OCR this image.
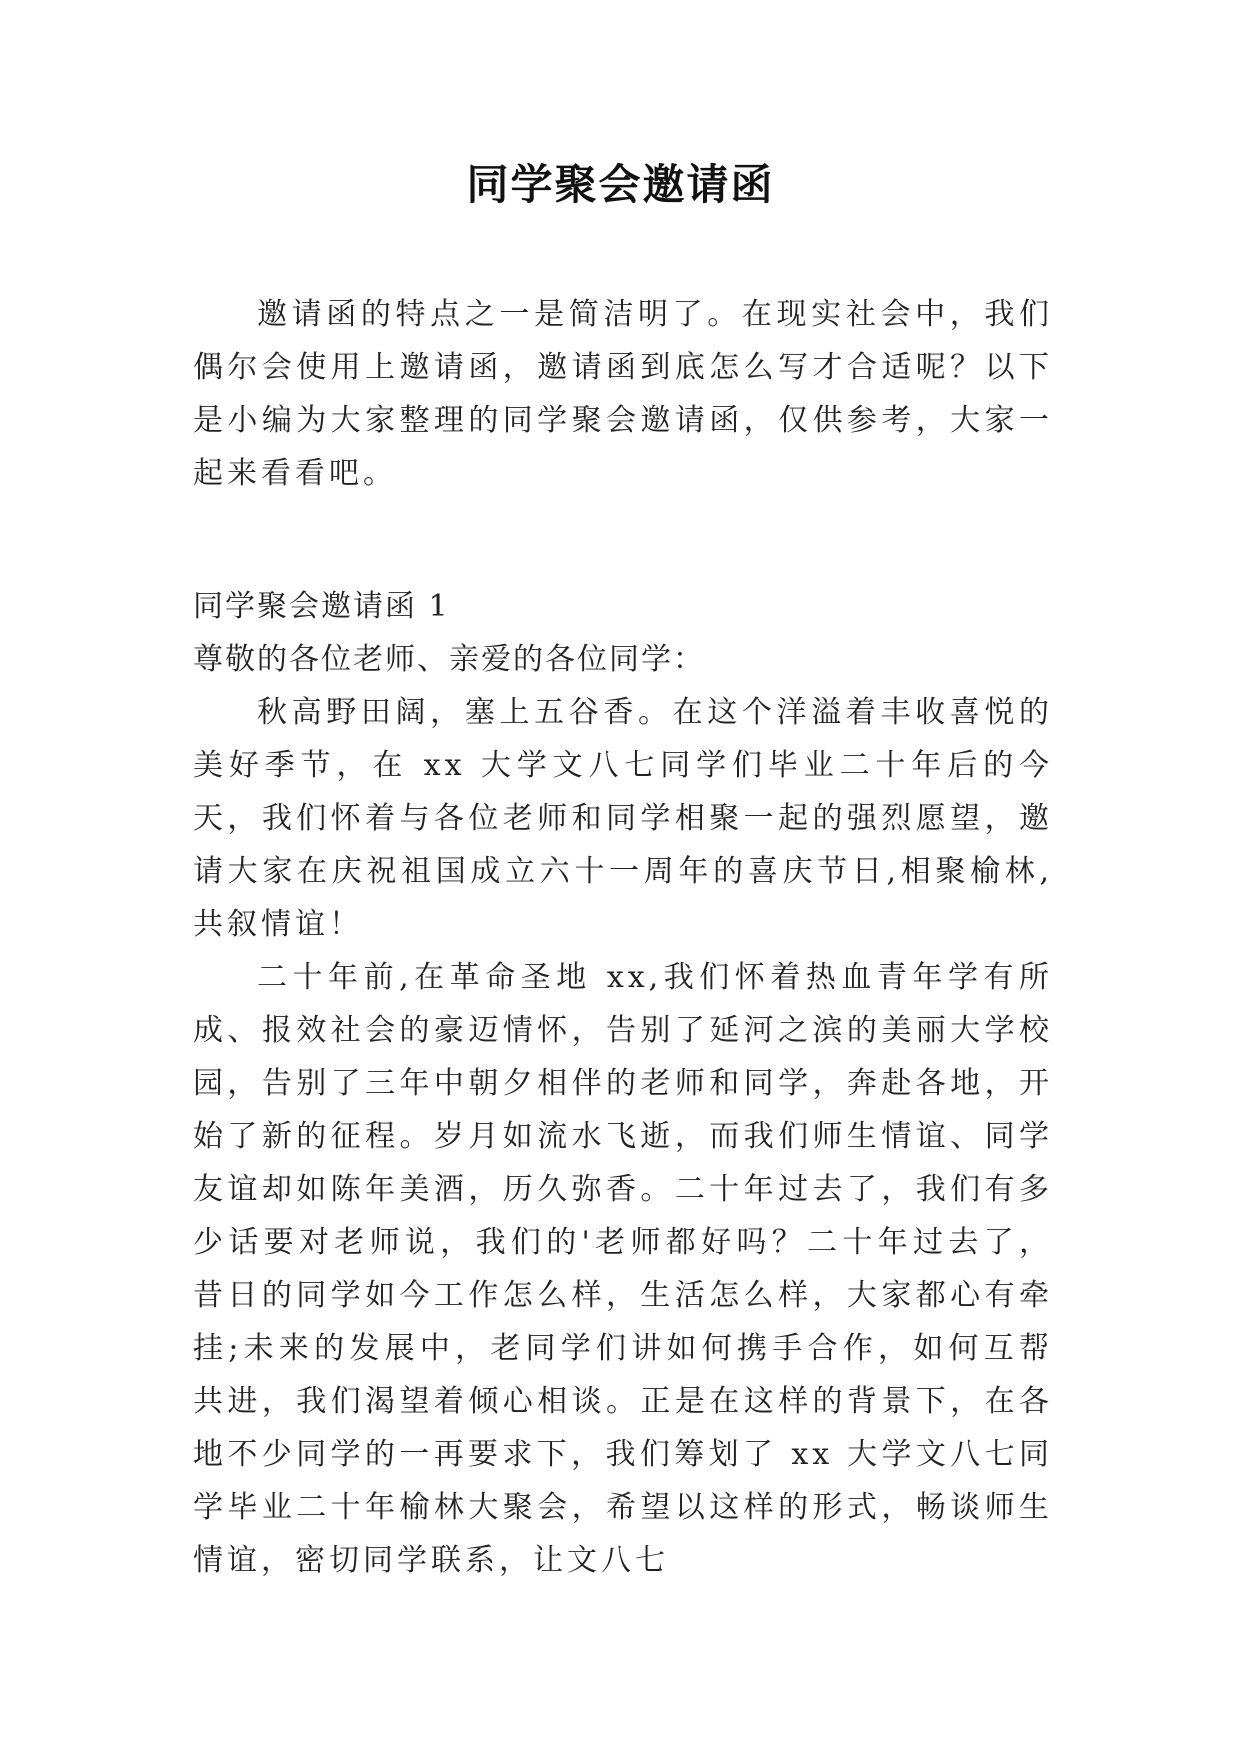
同学聚会邀请函

邀请函的特点之一是简洁明了。在现实社会中，我们偶尔会使用上邀请函，邀请函到底怎么写才合适呢？以下是小编为大家整理的同学聚会邀请函，仅供参考，大家一起来看看吧。

同学聚会邀请函 1

尊敬的各位老师、亲爱的各位同学：

秋高野田阔，塞上五谷香。在这个洋溢着丰收喜悦的美好季节，在 xx 大学文八七同学们毕业二十年后的今天，我们怀着与各位老师和同学相聚一起的强烈愿望，邀请大家在庆祝祖国成立六十一周年的喜庆节日,相聚榆林,共叙情谊！

二十年前,在革命圣地 xx,我们怀着热血青年学有所成、报效社会的豪迈情怀，告别了延河之滨的美丽大学校园，告别了三年中朝夕相伴的老师和同学，奔赴各地，开始了新的征程。岁月如流水飞逝，而我们师生情谊、同学友谊却如陈年美酒，历久弥香。二十年过去了，我们有多少话要对老师说，我们的'老师都好吗？二十年过去了，昔日的同学如今工作怎么样，生活怎么样，大家都心有牵挂;未来的发展中，老同学们讲如何携手合作，如何互帮共进，我们渴望着倾心相谈。正是在这样的背景下，在各地不少同学的一再要求下，我们筹划了 xx 大学文八七同学毕业二十年榆林大聚会，希望以这样的形式，畅谈师生情谊，密切同学联系，让文八七
